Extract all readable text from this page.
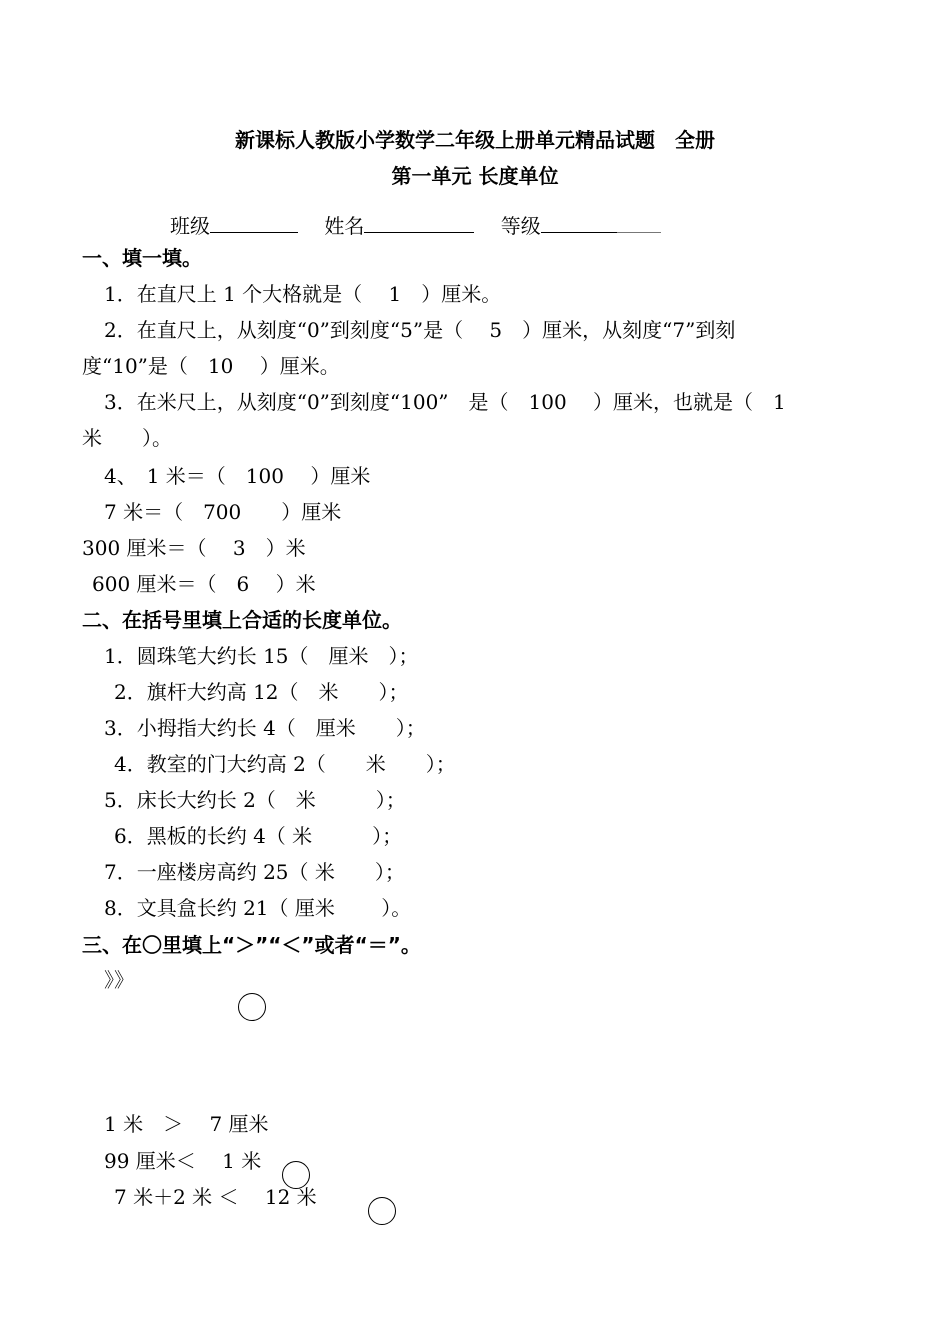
新课标人教版小学数学二年级上册单元精品试题　全册
第一单元 长度单位
班级　	姓名　	等级
一、填一填。
1．在直尺上 1 个大格就是（　 1　）厘米。
2．在直尺上，从刻度“0”到刻度“5”是（　 5　）厘米，从刻度“7”到刻
度“10”是（　10　 ）厘米。
3．在米尺上，从刻度“0”到刻度“100”　是（　100　 ）厘米，也就是（　1
米　　）。
4、　1 米＝（　100　 ）厘米
7 米＝（　700　　）厘米
300 厘米＝（　 3　）米
600 厘米＝（　6　 ）米
二、在括号里填上合适的长度单位。
1．圆珠笔大约长 15（　厘米　）；
2．旗杆大约高 12（　米　　）；
3．小拇指大约长 4（　厘米　　）；
4．教室的门大约高 2（　　米　　）；
5．床长大约长 2（　米　　　）；
6．黑板的长约 4（ 米　　　）；
7．一座楼房高约 25（ 米　　）；
8．文具盒长约 21（ 厘米　　 ）。
三、在〇里填上“＞”“＜”或者“＝”。
》》
1 米　＞　 7 厘米
99 厘米＜　 1 米
7 米＋2 米 ＜　 12 米
